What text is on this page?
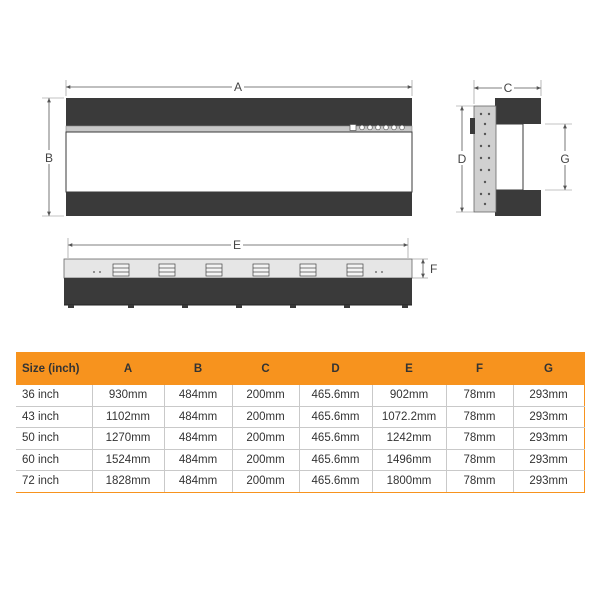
A
B
C
D	G
E
F
Size (inch)	A	B	C	D	E	F	G
36 inch	930mm	484mm	200mm	465.6mm	902mm	78mm	293mm
43 inch	1102mm	484mm	200mm	465.6mm	1072.2mm	78mm	293mm
50 inch	1270mm	484mm	200mm	465.6mm	1242mm	78mm	293mm
60 inch	1524mm	484mm	200mm	465.6mm	1496mm	78mm	293mm
72 inch	1828mm	484mm	200mm	465.6mm	1800mm	78mm	293mm
